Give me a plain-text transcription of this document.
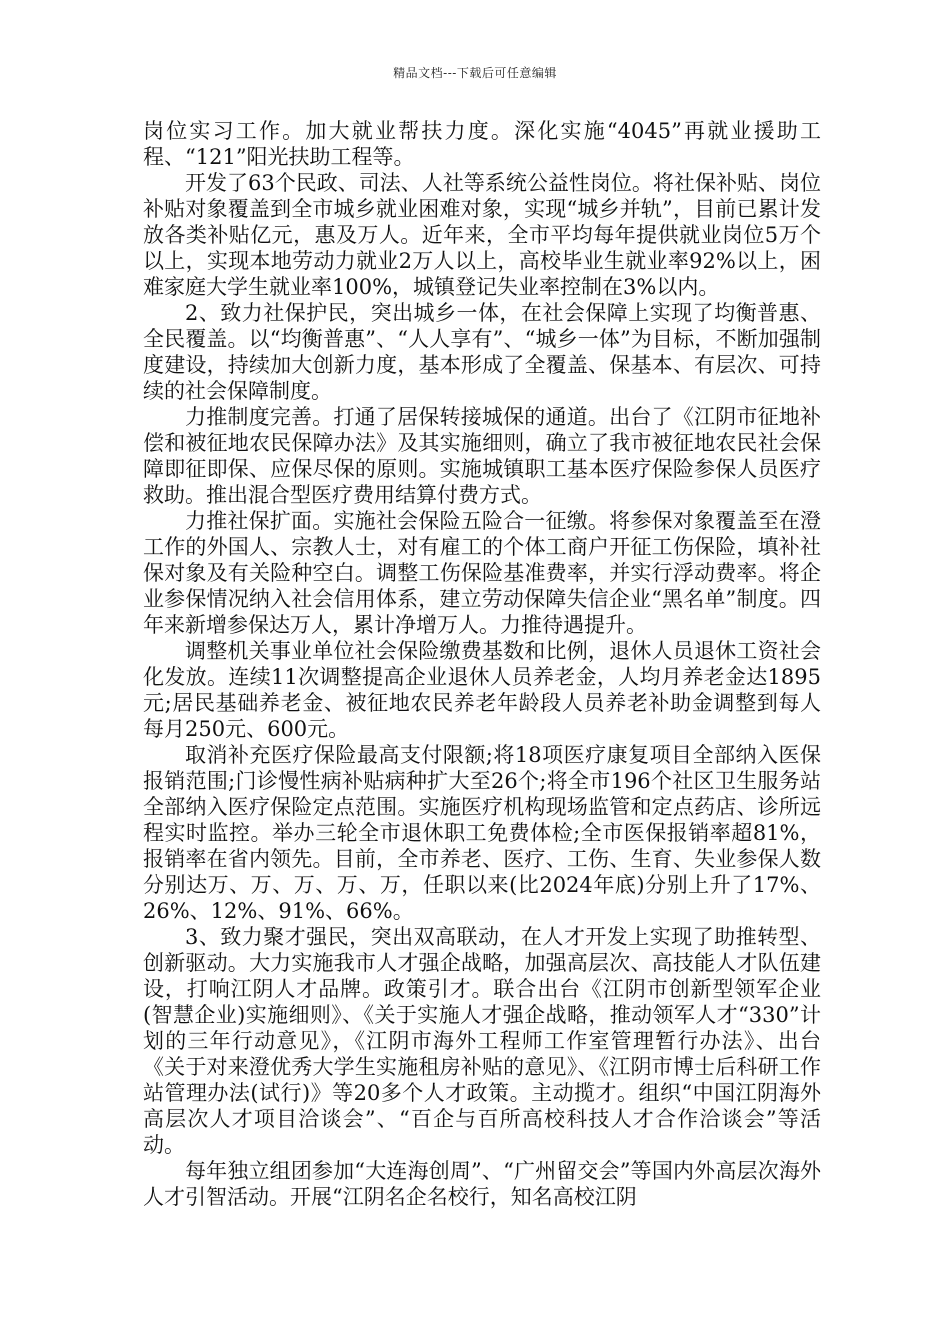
精品文档---下载后可任意编辑

岗位实习工作。加大就业帮扶力度。深化实施“4045”再就业援助工程、“121”阳光扶助工程等。

开发了63个民政、司法、人社等系统公益性岗位。将社保补贴、岗位补贴对象覆盖到全市城乡就业困难对象，实现“城乡并轨”，目前已累计发放各类补贴亿元，惠及万人。近年来，全市平均每年提供就业岗位5万个以上，实现本地劳动力就业2万人以上，高校毕业生就业率92%以上，困难家庭大学生就业率100%，城镇登记失业率控制在3%以内。

2、致力社保护民，突出城乡一体，在社会保障上实现了均衡普惠、全民覆盖。以“均衡普惠”、“人人享有”、“城乡一体”为目标，不断加强制度建设，持续加大创新力度，基本形成了全覆盖、保基本、有层次、可持续的社会保障制度。

力推制度完善。打通了居保转接城保的通道。出台了《江阴市征地补偿和被征地农民保障办法》及其实施细则，确立了我市被征地农民社会保障即征即保、应保尽保的原则。实施城镇职工基本医疗保险参保人员医疗救助。推出混合型医疗费用结算付费方式。

力推社保扩面。实施社会保险五险合一征缴。将参保对象覆盖至在澄工作的外国人、宗教人士，对有雇工的个体工商户开征工伤保险，填补社保对象及有关险种空白。调整工伤保险基准费率，并实行浮动费率。将企业参保情况纳入社会信用体系，建立劳动保障失信企业“黑名单”制度。四年来新增参保达万人，累计净增万人。力推待遇提升。

调整机关事业单位社会保险缴费基数和比例，退休人员退休工资社会化发放。连续11次调整提高企业退休人员养老金，人均月养老金达1895元;居民基础养老金、被征地农民养老年龄段人员养老补助金调整到每人每月250元、600元。

取消补充医疗保险最高支付限额;将18项医疗康复项目全部纳入医保报销范围;门诊慢性病补贴病种扩大至26个;将全市196个社区卫生服务站全部纳入医疗保险定点范围。实施医疗机构现场监管和定点药店、诊所远程实时监控。举办三轮全市退休职工免费体检;全市医保报销率超81%，报销率在省内领先。目前，全市养老、医疗、工伤、生育、失业参保人数分别达万、万、万、万、万，任职以来(比2024年底)分别上升了17%、26%、12%、91%、66%。

3、致力聚才强民，突出双高联动，在人才开发上实现了助推转型、创新驱动。大力实施我市人才强企战略，加强高层次、高技能人才队伍建设，打响江阴人才品牌。政策引才。联合出台《江阴市创新型领军企业(智慧企业)实施细则》、《关于实施人才强企战略，推动领军人才“330”计划的三年行动意见》，《江阴市海外工程师工作室管理暂行办法》、出台《关于对来澄优秀大学生实施租房补贴的意见》、《江阴市博士后科研工作站管理办法(试行)》等20多个人才政策。主动揽才。组织“中国江阴海外高层次人才项目洽谈会”、“百企与百所高校科技人才合作洽谈会”等活动。

每年独立组团参加“大连海创周”、“广州留交会”等国内外高层次海外人才引智活动。开展“江阴名企名校行，知名高校江阴
